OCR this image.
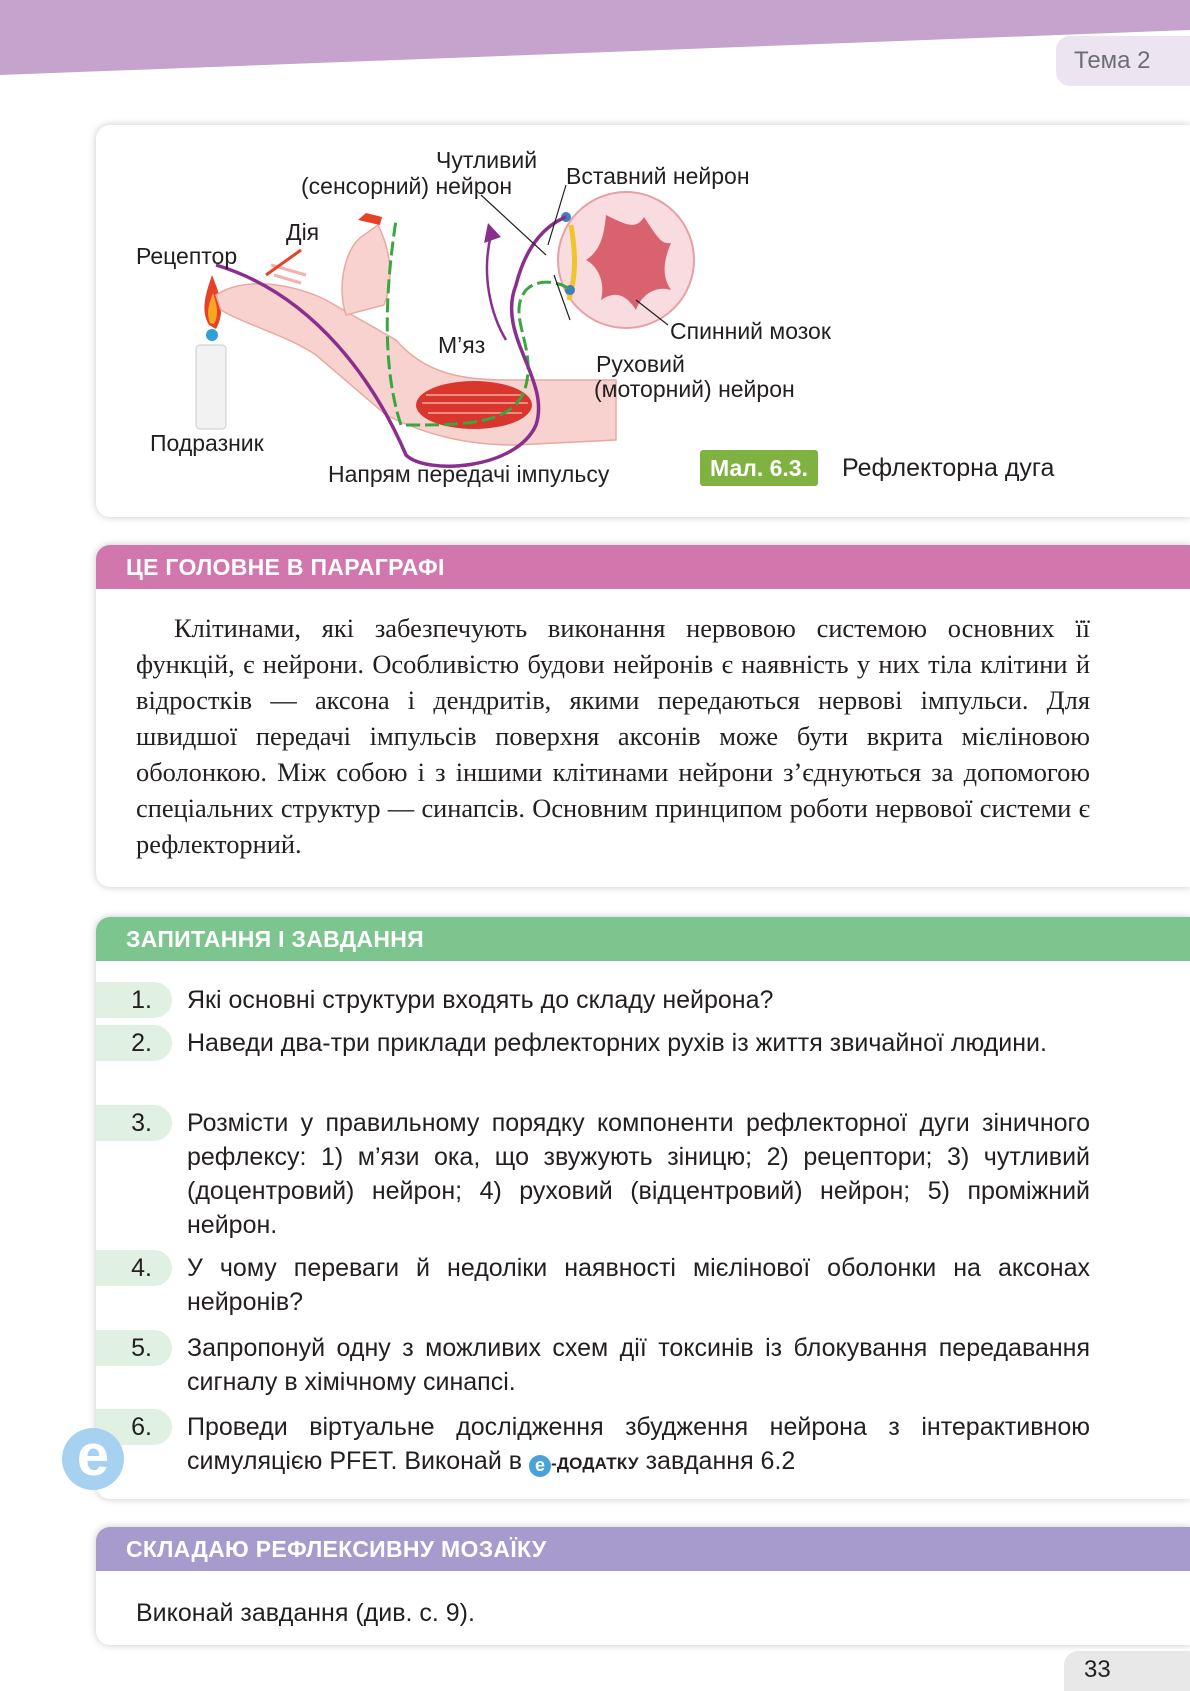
Тема 2
Чутливий
(сенсорний) нейрон Вставний нейрон
Дія
Рецептор
М’яз
Спинний мозок
Руховий
(моторний) нейрон
Подразник
Напрям передачі імпульсу	Мал. 6.3.	Рефлекторна дуга
ЦЕ ГОЛОВНЕ В ПАРАГРАФІ
Клітинами, які забезпечують виконання нервовою системою основних її функцій, є нейрони. Особливістю будови нейронів є наявність у них тіла клітини й відростків — аксона і дендритів, якими передаються нервові імпульси. Для швидшої передачі імпульсів поверхня аксонів може бути вкрита мієліновою оболонкою. Між собою і з іншими клітинами нейрони з’єднуються за допомогою спеціальних структур — синапсів. Основним принципом роботи нервової системи є рефлекторний.
ЗАПИТАННЯ І ЗАВДАННЯ
1.	Які основні структури входять до складу нейрона?
2.	Наведи два-три приклади рефлекторних рухів із життя звичайної людини.
3.	Розмісти у правильному порядку компоненти рефлекторної дуги зіничного рефлексу: 1) м’язи ока, що звужують зіницю; 2) рецептори; 3) чутливий (доцентровий) нейрон; 4) руховий (відцентровий) нейрон; 5) проміжний нейрон.
4.	У чому переваги й недоліки наявності мієлінової оболонки на аксонах нейронів?
5.	Запропонуй одну з можливих схем дії токсинів із блокування передавання сигналу в хімічному синапсі.
6.	Проведи віртуальне дослідження збудження нейрона з інтерактивною симуляцією PFET. Виконай в е -ДОДАТКУ завдання 6.2
е
СКЛАДАЮ РЕФЛЕКСИВНУ МОЗАЇКУ
Виконай завдання (див. с. 9).
33
